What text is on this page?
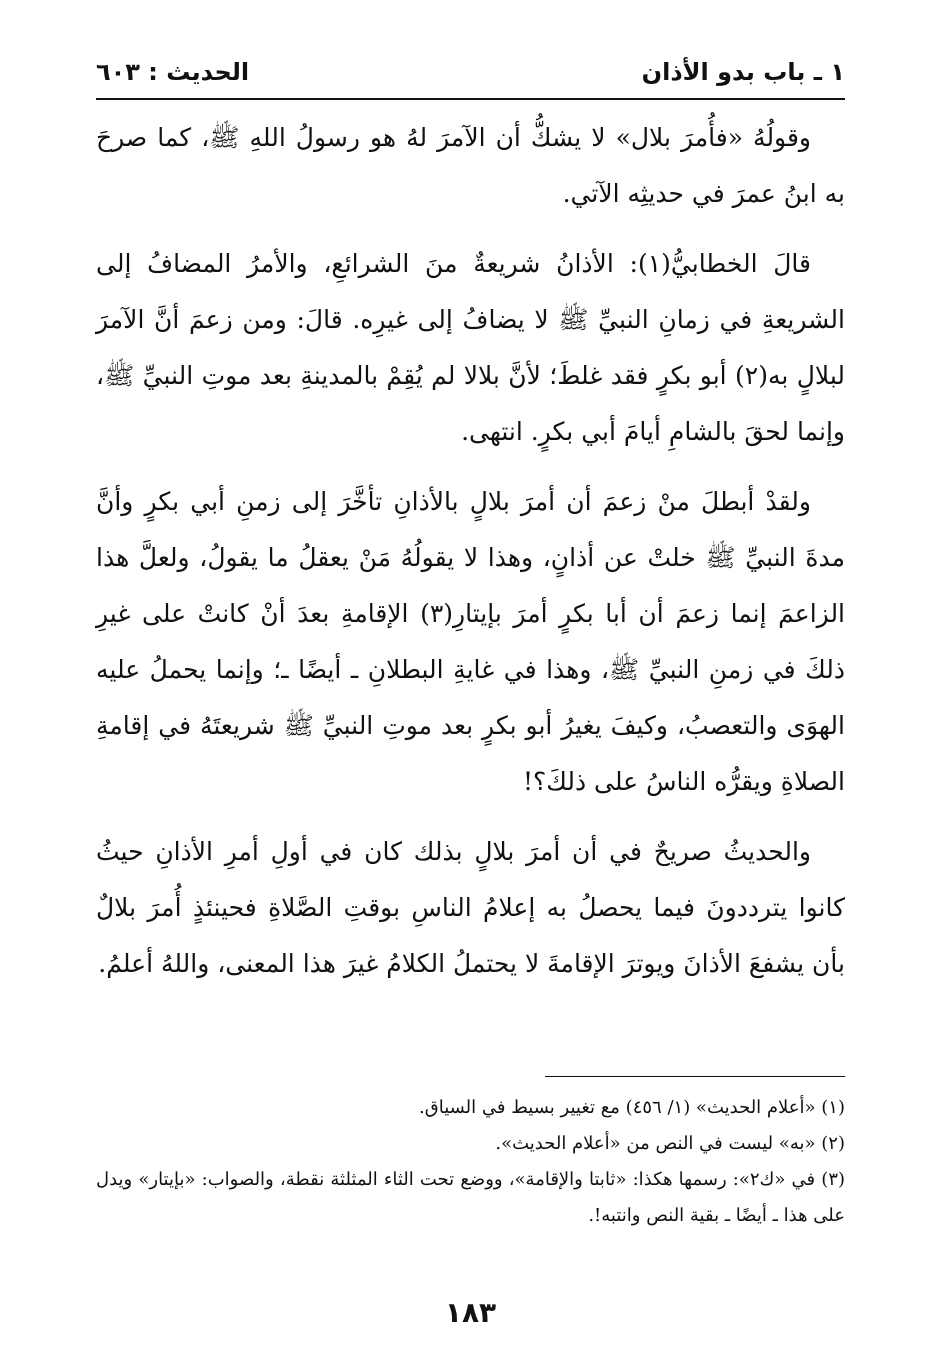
١ ـ باب بدو الأذان
الحديث : ٦٠٣

وقولُهُ «فأُمرَ بلال» لا يشكُّ أن الآمرَ لهُ هو رسولُ اللهِ ﷺ، كما صرحَ به ابنُ عمرَ في حديثِه الآتي.

قالَ الخطابيُّ(١): الأذانُ شريعةٌ منَ الشرائعِ، والأمرُ المضافُ إلى الشريعةِ في زمانِ النبيِّ ﷺ لا يضافُ إلى غيرِه. قالَ: ومن زعمَ أنَّ الآمرَ لبلالٍ به(٢) أبو بكرٍ فقد غلطَ؛ لأنَّ بلالا لم يُقِمْ بالمدينةِ بعد موتِ النبيِّ ﷺ، وإنما لحقَ بالشامِ أيامَ أبي بكرٍ. انتهى.

ولقدْ أبطلَ منْ زعمَ أن أمرَ بلالٍ بالأذانِ تأخَّرَ إلى زمنِ أبي بكرٍ وأنَّ مدةَ النبيِّ ﷺ خلتْ عن أذانٍ، وهذا لا يقولُهُ مَنْ يعقلُ ما يقولُ، ولعلَّ هذا الزاعمَ إنما زعمَ أن أبا بكرٍ أمرَ بإيتارِ(٣) الإقامةِ بعدَ أنْ كانتْ على غيرِ ذلكَ في زمنِ النبيِّ ﷺ، وهذا في غايةِ البطلانِ ـ أيضًا ـ؛ وإنما يحملُ عليه الهوَى والتعصبُ، وكيفَ يغيرُ أبو بكرٍ بعد موتِ النبيِّ ﷺ شريعتَهُ في إقامةِ الصلاةِ ويقرُّه الناسُ على ذلكَ؟!

والحديثُ صريحٌ في أن أمرَ بلالٍ بذلك كان في أولِ أمرِ الأذانِ حيثُ كانوا يترددونَ فيما يحصلُ به إعلامُ الناسِ بوقتِ الصَّلاةِ فحينئذٍ أُمرَ بلالٌ بأن يشفعَ الأذانَ ويوترَ الإقامةَ لا يحتملُ الكلامُ غيرَ هذا المعنى، واللهُ أعلمُ.

(١) «أعلام الحديث» (١/ ٤٥٦) مع تغيير بسيط في السياق.

(٢) «به» ليست في النص من «أعلام الحديث».

(٣) في «ك٢»: رسمها هكذا: «ثابتا والإقامة»، ووضع تحت الثاء المثلثة نقطة، والصواب: «بإيتار» ويدل على هذا ـ أيضًا ـ بقية النص وانتبه!.

١٨٣
